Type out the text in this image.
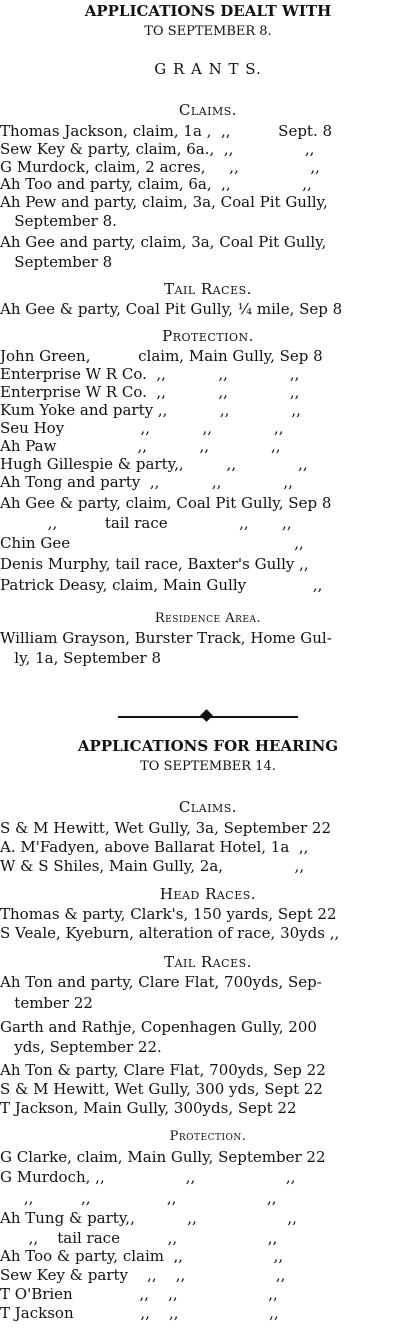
APPLICATIONS DEALT WITH
TO SEPTEMBER 8.
G R A N T S.
Claims.
Thomas Jackson, claim, 1a ,  ,,          Sept. 8
Sew Key & party, claim, 6a.,  ,,               ,,
G Murdock, claim, 2 acres,     ,,               ,,
Ah Too and party, claim, 6a,  ,,               ,,
Ah Pew and party, claim, 3a, Coal Pit Gully,
September 8.
Ah Gee and party, claim, 3a, Coal Pit Gully,
September 8
Tail Races.
Ah Gee & party, Coal Pit Gully, ¼ mile, Sep 8
Protection.
John Green,          claim, Main Gully, Sep 8
Enterprise W R Co.  ,,           ,,             ,,
Enterprise W R Co.  ,,           ,,             ,,
Kum Yoke and party ,,           ,,             ,,
Seu Hoy                ,,           ,,             ,,
Ah Paw                 ,,           ,,             ,,
Hugh Gillespie & party,,         ,,             ,,
Ah Tong and party  ,,           ,,             ,,
Ah Gee & party, claim, Coal Pit Gully, Sep 8
,,          tail race               ,,       ,,
Chin Gee                                               ,,
Denis Murphy, tail race, Baxter's Gully ,,
Patrick Deasy, claim, Main Gully              ,,
Residence Area.
William Grayson, Burster Track, Home Gul-
ly, 1a, September 8
APPLICATIONS FOR HEARING
TO SEPTEMBER 14.
Claims.
S & M Hewitt, Wet Gully, 3a, September 22
A. M'Fadyen, above Ballarat Hotel, 1a  ,,
W & S Shiles, Main Gully, 2a,               ,,
Head Races.
Thomas & party, Clark's, 150 yards, Sept 22
S Veale, Kyeburn, alteration of race, 30yds ,,
Tail Races.
Ah Ton and party, Clare Flat, 700yds, Sep-
tember 22
Garth and Rathje, Copenhagen Gully, 200
yds, September 22.
Ah Ton & party, Clare Flat, 700yds, Sep 22
S & M Hewitt, Wet Gully, 300 yds, Sept 22
T Jackson, Main Gully, 300yds, Sept 22
Protection.
G Clarke, claim, Main Gully, September 22
G Murdoch, ,,                 ,,                   ,,
,,          ,,                ,,                   ,,
Ah Tung & party,,           ,,                   ,,
,,    tail race          ,,                   ,,
Ah Too & party, claim  ,,                   ,,
Sew Key & party    ,,    ,,                   ,,
T O'Brien              ,,    ,,                   ,,
T Jackson              ,,    ,,                   ,,
